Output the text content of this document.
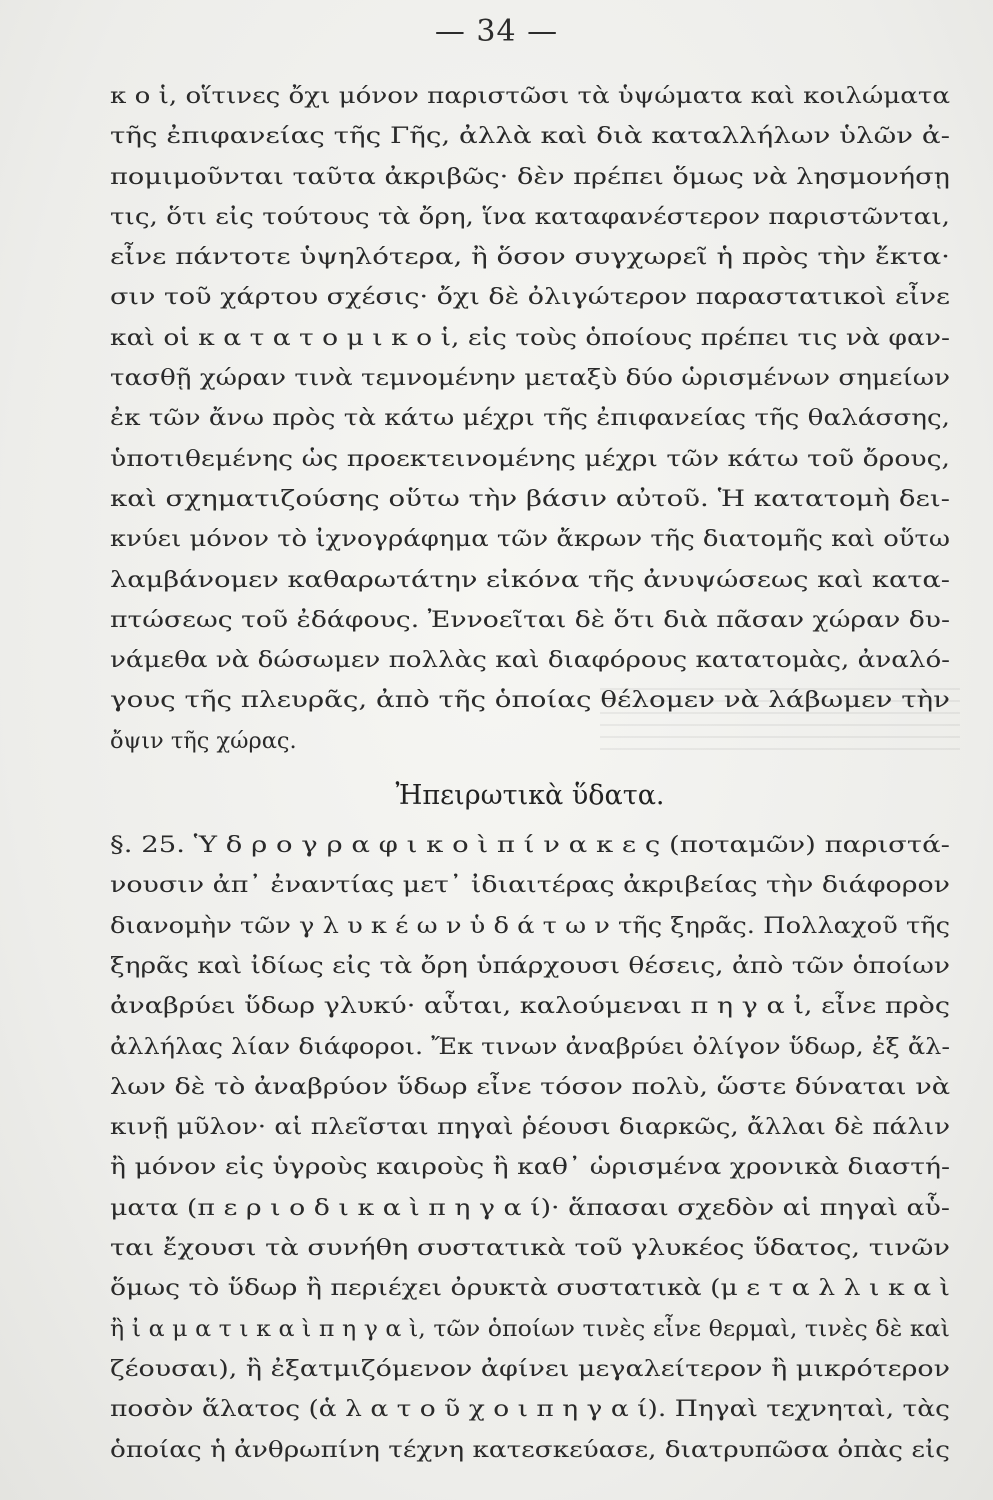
— 34 —
κ ο ἱ, οἵτινες ὄχι μόνον παριστῶσι τὰ ὑψώματα καὶ κοιλώματα
τῆς ἐπιφανείας τῆς Γῆς, ἀλλὰ καὶ διὰ καταλλήλων ὑλῶν ἀ-
πομιμοῦνται ταῦτα ἀκριβῶς· δὲν πρέπει ὅμως νὰ λησμονήσῃ
τις, ὅτι εἰς τούτους τὰ ὄρη, ἵνα καταφανέστερον παριστῶνται,
εἶνε πάντοτε ὑψηλότερα, ἢ ὅσον συγχωρεῖ ἡ πρὸς τὴν ἔκτα·
σιν τοῦ χάρτου σχέσις· ὄχι δὲ ὀλιγώτερον παραστατικοὶ εἶνε
καὶ οἱ κ α τ α τ ο μ ι κ ο ἱ, εἰς τοὺς ὁποίους πρέπει τις νὰ φαν-
τασθῇ χώραν τινὰ τεμνομένην μεταξὺ δύο ὡρισμένων σημείων
ἐκ τῶν ἄνω πρὸς τὰ κάτω μέχρι τῆς ἐπιφανείας τῆς θαλάσσης,
ὑποτιθεμένης ὡς προεκτεινομένης μέχρι τῶν κάτω τοῦ ὄρους,
καὶ σχηματιζούσης οὕτω τὴν βάσιν αὐτοῦ. Ἡ κατατομὴ δει-
κνύει μόνον τὸ ἰχνογράφημα τῶν ἄκρων τῆς διατομῆς καὶ οὕτω
λαμβάνομεν καθαρωτάτην εἰκόνα τῆς ἀνυψώσεως καὶ κατα-
πτώσεως τοῦ ἐδάφους. Ἐννοεῖται δὲ ὅτι διὰ πᾶσαν χώραν δυ-
νάμεθα νὰ δώσωμεν πολλὰς καὶ διαφόρους κατατομὰς, ἀναλό-
γους τῆς πλευρᾶς, ἀπὸ τῆς ὁποίας θέλομεν νὰ λάβωμεν τὴν
ὄψιν τῆς χώρας.
Ἠπειρωτικὰ ὕδατα.
§. 25. Ὑ δ ρ ο γ ρ α φ ι κ ο ὶ π ί ν α κ ε ς (ποταμῶν) παριστά-
νουσιν ἀπ᾽ ἐναντίας μετ᾽ ἰδιαιτέρας ἀκριβείας τὴν διάφορον
διανομὴν τῶν γ λ υ κ έ ω ν ὑ δ ά τ ω ν τῆς ξηρᾶς. Πολλαχοῦ τῆς
ξηρᾶς καὶ ἰδίως εἰς τὰ ὄρη ὑπάρχουσι θέσεις, ἀπὸ τῶν ὁποίων
ἀναβρύει ὕδωρ γλυκύ· αὗται, καλούμεναι π η γ α ἰ, εἶνε πρὸς
ἀλλήλας λίαν διάφοροι. Ἔκ τινων ἀναβρύει ὀλίγον ὕδωρ, ἐξ ἄλ-
λων δὲ τὸ ἀναβρύον ὕδωρ εἶνε τόσον πολὺ, ὥστε δύναται νὰ
κινῇ μῦλον· αἱ πλεῖσται πηγαὶ ῥέουσι διαρκῶς, ἄλλαι δὲ πάλιν
ἢ μόνον εἰς ὑγροὺς καιροὺς ἢ καθ᾽ ὡρισμένα χρονικὰ διαστή-
ματα (π ε ρ ι ο δ ι κ α ὶ π η γ α ί)· ἅπασαι σχεδὸν αἱ πηγαὶ αὗ-
ται ἔχουσι τὰ συνήθη συστατικὰ τοῦ γλυκέος ὕδατος, τινῶν
ὅμως τὸ ὕδωρ ἢ περιέχει ὀρυκτὰ συστατικὰ (μ ε τ α λ λ ι κ α ὶ
ἢ ἰ α μ α τ ι κ α ὶ π η γ α ὶ, τῶν ὁποίων τινὲς εἶνε θερμαὶ, τινὲς δὲ καὶ
ζέουσαι), ἢ ἐξατμιζόμενον ἀφίνει μεγαλείτερον ἢ μικρότερον
ποσὸν ἅλατος (ἁ λ α τ ο ῦ χ ο ι π η γ α ί). Πηγαὶ τεχνηταὶ, τὰς
ὁποίας ἡ ἀνθρωπίνη τέχνη κατεσκεύασε, διατρυπῶσα ὀπὰς εἰς
